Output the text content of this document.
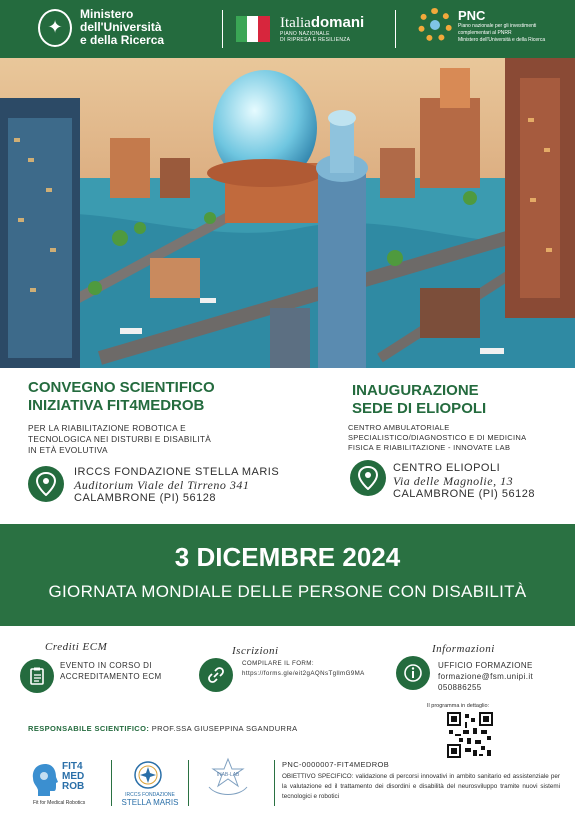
✦
Ministero
dell'Università
e della Ricerca
Italiadomani
PIANO NAZIONALE
DI RIPRESA E RESILIENZA
PNC
Piano nazionale per gli investimenti
complementari al PNRR
Ministero dell'Università e della Ricerca
CONVEGNO SCIENTIFICO
INIZIATIVA FIT4MEDROB
PER LA RIABILITAZIONE ROBOTICA E
TECNOLOGICA NEI DISTURBI E DISABILITÀ
IN ETÀ EVOLUTIVA
IRCCS FONDAZIONE STELLA MARIS
Auditorium Viale del Tirreno 341
CALAMBRONE (PI) 56128
INAUGURAZIONE
SEDE DI ELIOPOLI
CENTRO AMBULATORIALE
SPECIALISTICO/DIAGNOSTICO E DI MEDICINA
FISICA E RIABILITAZIONE - INNOVATE LAB
CENTRO ELIOPOLI
Via delle Magnolie, 13
CALAMBRONE (PI) 56128
3 DICEMBRE 2024
GIORNATA MONDIALE DELLE PERSONE CON DISABILITÀ
Crediti ECM
EVENTO IN CORSO DI
ACCREDITAMENTO ECM
Iscrizioni
COMPILARE IL FORM:
https://forms.gle/eit2gAQNsTgllmG9MA
Informazioni
UFFICIO FORMAZIONE
formazione@fsm.unipi.it
050886255
RESPONSABILE SCIENTIFICO: PROF.SSA GIUSEPPINA SGANDURRA
Il programma in dettaglio:
FIT4
MED
ROB
Fit for Medical Robotics
IRCCS FONDAZIONE
STELLA MARIS
INAB-LAB
PNC-0000007-FIT4MEDROB
OBIETTIVO SPECIFICO: validazione di percorsi innovativi in ambito sanitario ed assistenziale per la valutazione ed il trattamento dei disordini e disabilità del neurosviluppo tramite nuovi sistemi tecnologici e robotici
